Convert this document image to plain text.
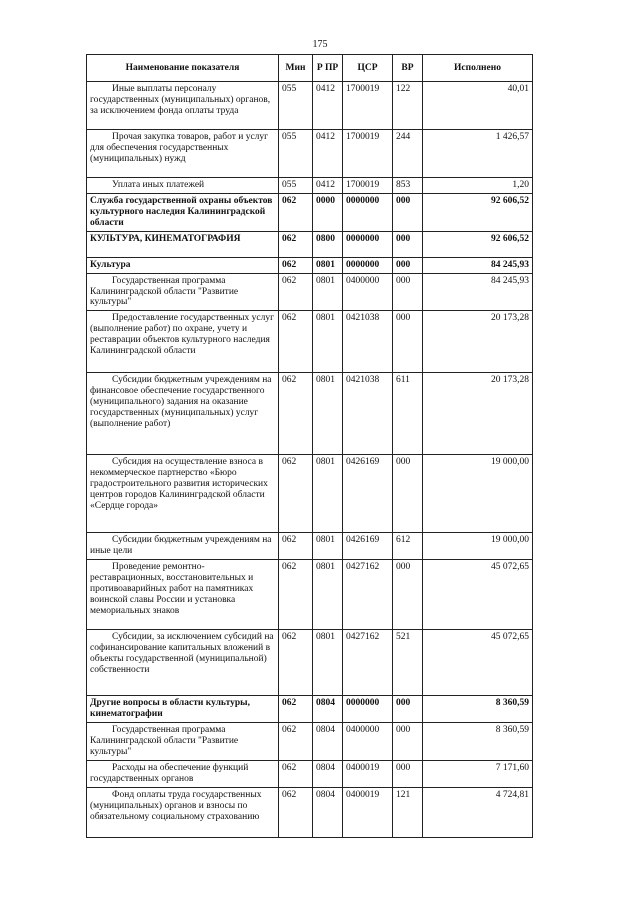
175
Наименование показателя	Мин	Р ПР	ЦСР	ВР	Исполнено
Иные выплаты персоналу государственных (муниципальных) органов, за исключением фонда оплаты труда	055	0412	1700019	122	40,01
Прочая закупка товаров, работ и услуг для обеспечения государственных (муниципальных) нужд	055	0412	1700019	244	1 426,57
Уплата иных платежей	055	0412	1700019	853	1,20
Служба государственной охраны объектов культурного наследия Калининградской области	062	0000	0000000	000	92 606,52
КУЛЬТУРА, КИНЕМАТОГРАФИЯ	062	0800	0000000	000	92 606,52
Культура	062	0801	0000000	000	84 245,93
Государственная программа Калининградской области "Развитие культуры"	062	0801	0400000	000	84 245,93
Предоставление государственных услуг (выполнение работ) по охране, учету и реставрации объектов культурного наследия Калининградской области	062	0801	0421038	000	20 173,28
Субсидии бюджетным учреждениям на финансовое обеспечение государственного (муниципального) задания на оказание государственных (муниципальных) услуг (выполнение работ)	062	0801	0421038	611	20 173,28
Субсидия на осуществление взноса в некоммерческое партнерство «Бюро градостроительного развития исторических центров городов Калининградской области «Сердце города»	062	0801	0426169	000	19 000,00
Субсидии бюджетным учреждениям на иные цели	062	0801	0426169	612	19 000,00
Проведение ремонтно-реставрационных, восстановительных и противоаварийных работ на памятниках воинской славы России и установка мемориальных знаков	062	0801	0427162	000	45 072,65
Субсидии, за исключением субсидий на софинансирование капитальных вложений в объекты государственной (муниципальной) собственности	062	0801	0427162	521	45 072,65
Другие вопросы в области культуры, кинематографии	062	0804	0000000	000	8 360,59
Государственная программа Калининградской области "Развитие культуры"	062	0804	0400000	000	8 360,59
Расходы на обеспечение функций государственных органов	062	0804	0400019	000	7 171,60
Фонд оплаты труда государственных (муниципальных) органов и взносы по обязательному социальному страхованию	062	0804	0400019	121	4 724,81
